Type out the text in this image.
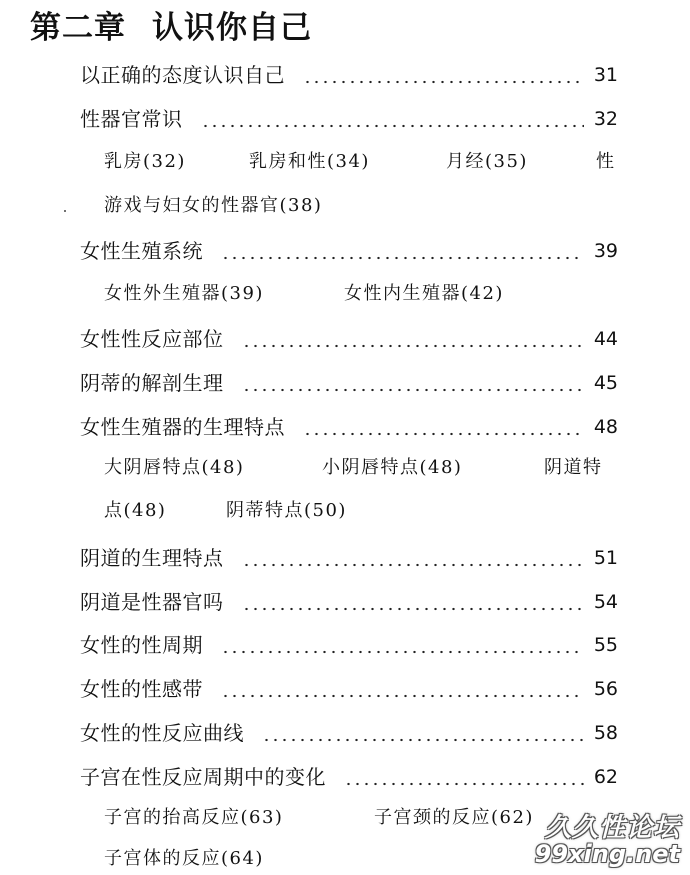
第二章 认识你自己
以正确的态度认识自己	31
性器官常识	32
乳房(32)	乳房和性(34)	月经(35)	性
游戏与妇女的性器官(38)
女性生殖系统	39
女性外生殖器(39)	女性内生殖器(42)
女性性反应部位	44
阴蒂的解剖生理	45
女性生殖器的生理特点	48
大阴唇特点(48)	小阴唇特点(48)	阴道特
点(48)	阴蒂特点(50)
阴道的生理特点	51
阴道是性器官吗	54
女性的性周期	55
女性的性感带	56
女性的性反应曲线	58
子宫在性反应周期中的变化	62
子宫的抬高反应(63)	子宫颈的反应(62)
子宫体的反应(64)
久久性论坛
99xing.net
